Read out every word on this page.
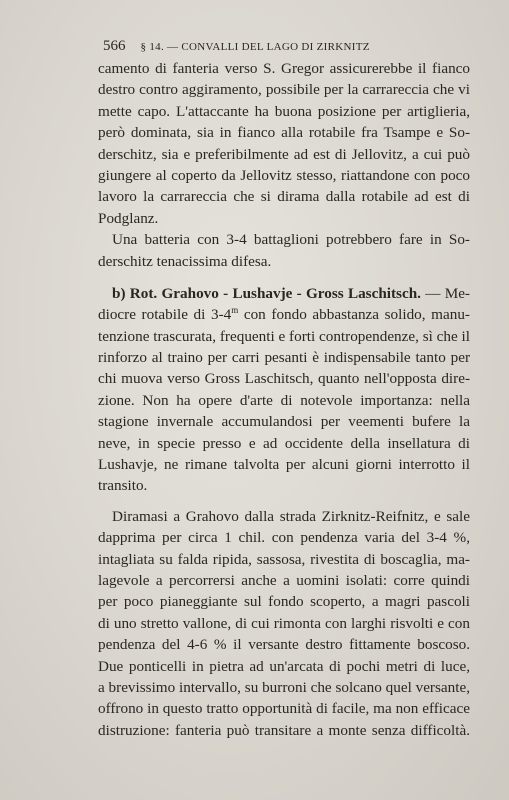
566 § 14. — CONVALLI DEL LAGO DI ZIRKNITZ
camento di fanteria verso S. Gregor assicurerebbe il fianco
destro contro aggiramento, possibile per la carrareccia che vi
mette capo. L'attaccante ha buona posizione per artiglieria,
però dominata, sia in fianco alla rotabile fra Tsampe e So-
derschitz, sia e preferibilmente ad est di Jellovitz, a cui può
giungere al coperto da Jellovitz stesso, riattandone con poco
lavoro la carrareccia che si dirama dalla rotabile ad est di
Podglanz.
Una batteria con 3-4 battaglioni potrebbero fare in So-
derschitz tenacissima difesa.
b) Rot. Grahovo - Lushavje - Gross Laschitsch. — Me-
diocre rotabile di 3-4$^m$ con fondo abbastanza solido, manu-
tenzione trascurata, frequenti e forti contropendenze, sì che il
rinforzo al traino per carri pesanti è indispensabile tanto per
chi muova verso Gross Laschitsch, quanto nell'opposta dire-
zione. Non ha opere d'arte di notevole importanza: nella
stagione invernale accumulandosi per veementi bufere la
neve, in specie presso e ad occidente della insellatura di
Lushavje, ne rimane talvolta per alcuni giorni interrotto il
transito.
Diramasi a Grahovo dalla strada Zirknitz-Reifnitz, e sale
dapprima per circa 1 chil. con pendenza varia del 3-4 %,
intagliata su falda ripida, sassosa, rivestita di boscaglia, ma-
lagevole a percorrersi anche a uomini isolati: corre quindi
per poco pianeggiante sul fondo scoperto, a magri pascoli
di uno stretto vallone, di cui rimonta con larghi risvolti e con
pendenza del 4-6 % il versante destro fittamente boscoso.
Due ponticelli in pietra ad un'arcata di pochi metri di luce,
a brevissimo intervallo, su burroni che solcano quel versante,
offrono in questo tratto opportunità di facile, ma non efficace
distruzione: fanteria può transitare a monte senza difficoltà.
